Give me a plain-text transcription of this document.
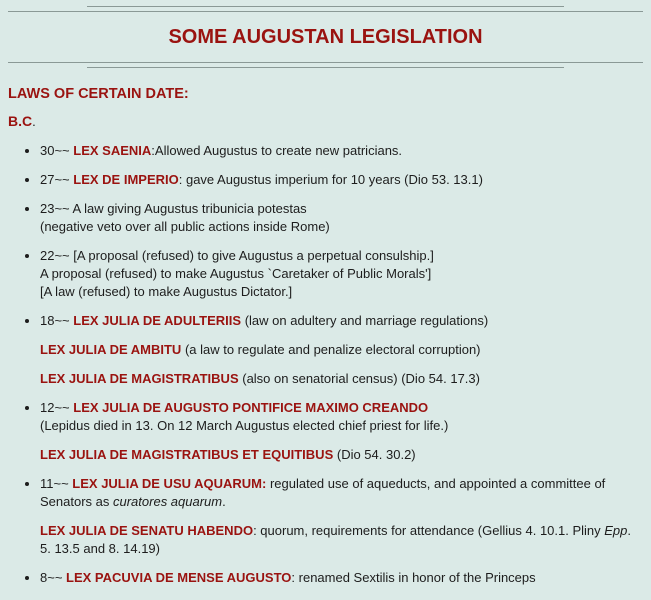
SOME AUGUSTAN LEGISLATION
LAWS OF CERTAIN DATE:

B.C.

• 30~~ LEX SAENIA:Allowed Augustus to create new patricians.

• 27~~ LEX DE IMPERIO: gave Augustus imperium for 10 years (Dio 53. 13.1)

• 23~~ A law giving Augustus tribunicia potestas
(negative veto over all public actions inside Rome)

• 22~~ [A proposal (refused) to give Augustus a perpetual consulship.]
A proposal (refused) to make Augustus `Caretaker of Public Morals']
[A law (refused) to make Augustus Dictator.]

• 18~~ LEX JULIA DE ADULTERIIS (law on adultery and marriage regulations)

LEX JULIA DE AMBITU (a law to regulate and penalize electoral corruption)

LEX JULIA DE MAGISTRATIBUS (also on senatorial census) (Dio 54. 17.3)

• 12~~ LEX JULIA DE AUGUSTO PONTIFICE MAXIMO CREANDO
(Lepidus died in 13. On 12 March Augustus elected chief priest for life.)

LEX JULIA DE MAGISTRATIBUS ET EQUITIBUS (Dio 54. 30.2)

• 11~~ LEX JULIA DE USU AQUARUM: regulated use of aqueducts, and appointed a committee of Senators as curatores aquarum.

LEX JULIA DE SENATU HABENDO: quorum, requirements for attendance (Gellius 4. 10.1. Pliny Epp. 5. 13.5 and 8. 14.19)

• 8~~ LEX PACUVIA DE MENSE AUGUSTO: renamed Sextilis in honor of the Princeps
